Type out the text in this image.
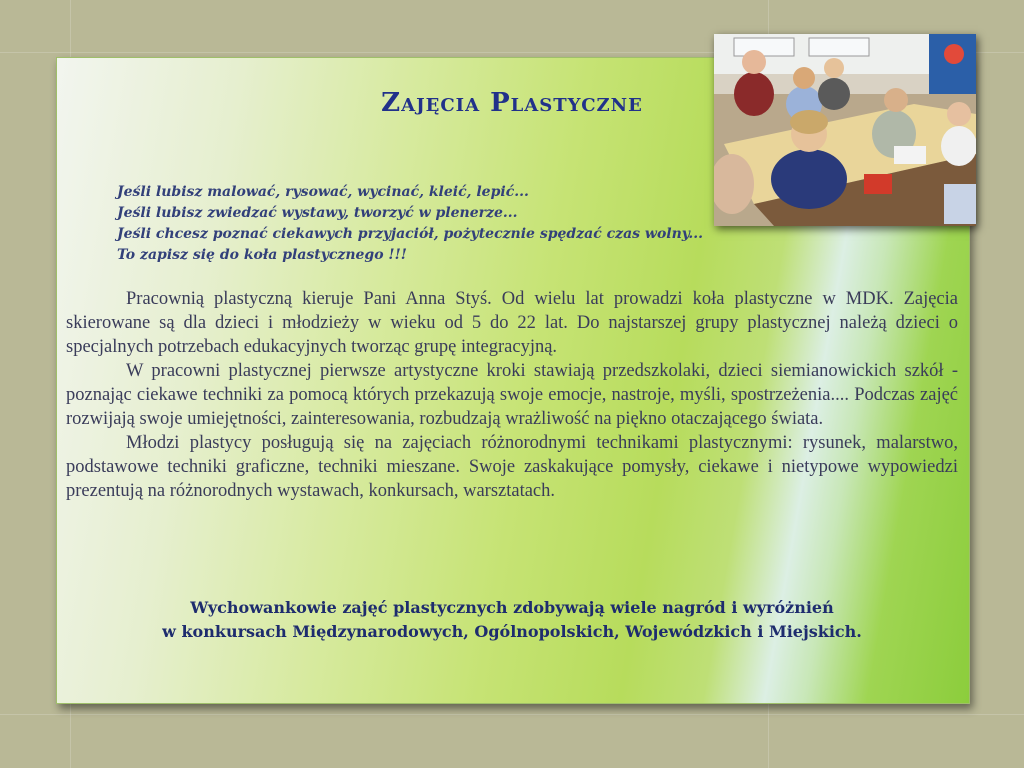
Zajęcia Plastyczne
Jeśli lubisz malować, rysować, wycinać, kleić, lepić...
Jeśli lubisz zwiedzać wystawy, tworzyć w plenerze...
Jeśli chcesz poznać ciekawych przyjaciół, pożytecznie spędzać czas wolny...
To zapisz się do koła plastycznego !!!

Pracownią plastyczną kieruje Pani Anna Styś. Od wielu lat prowadzi koła plastyczne w MDK. Zajęcia skierowane są dla dzieci i młodzieży w wieku od 5 do 22 lat. Do najstarszej grupy plastycznej należą dzieci o specjalnych potrzebach edukacyjnych tworząc grupę integracyjną.

W pracowni plastycznej pierwsze artystyczne kroki stawiają przedszkolaki, dzieci siemianowickich szkół - poznając ciekawe techniki za pomocą których przekazują swoje emocje, nastroje, myśli, spostrzeżenia.... Podczas zajęć rozwijają swoje umiejętności, zainteresowania, rozbudzają wrażliwość na piękno otaczającego świata.

Młodzi plastycy posługują się na zajęciach różnorodnymi technikami plastycznymi: rysunek, malarstwo, podstawowe techniki graficzne, techniki mieszane. Swoje zaskakujące pomysły, ciekawe i nietypowe wypowiedzi prezentują na różnorodnych wystawach, konkursach, warsztatach.

Wychowankowie zajęć plastycznych zdobywają wiele nagród i wyróżnień
w konkursach Międzynarodowych, Ogólnopolskich, Wojewódzkich i Miejskich.
